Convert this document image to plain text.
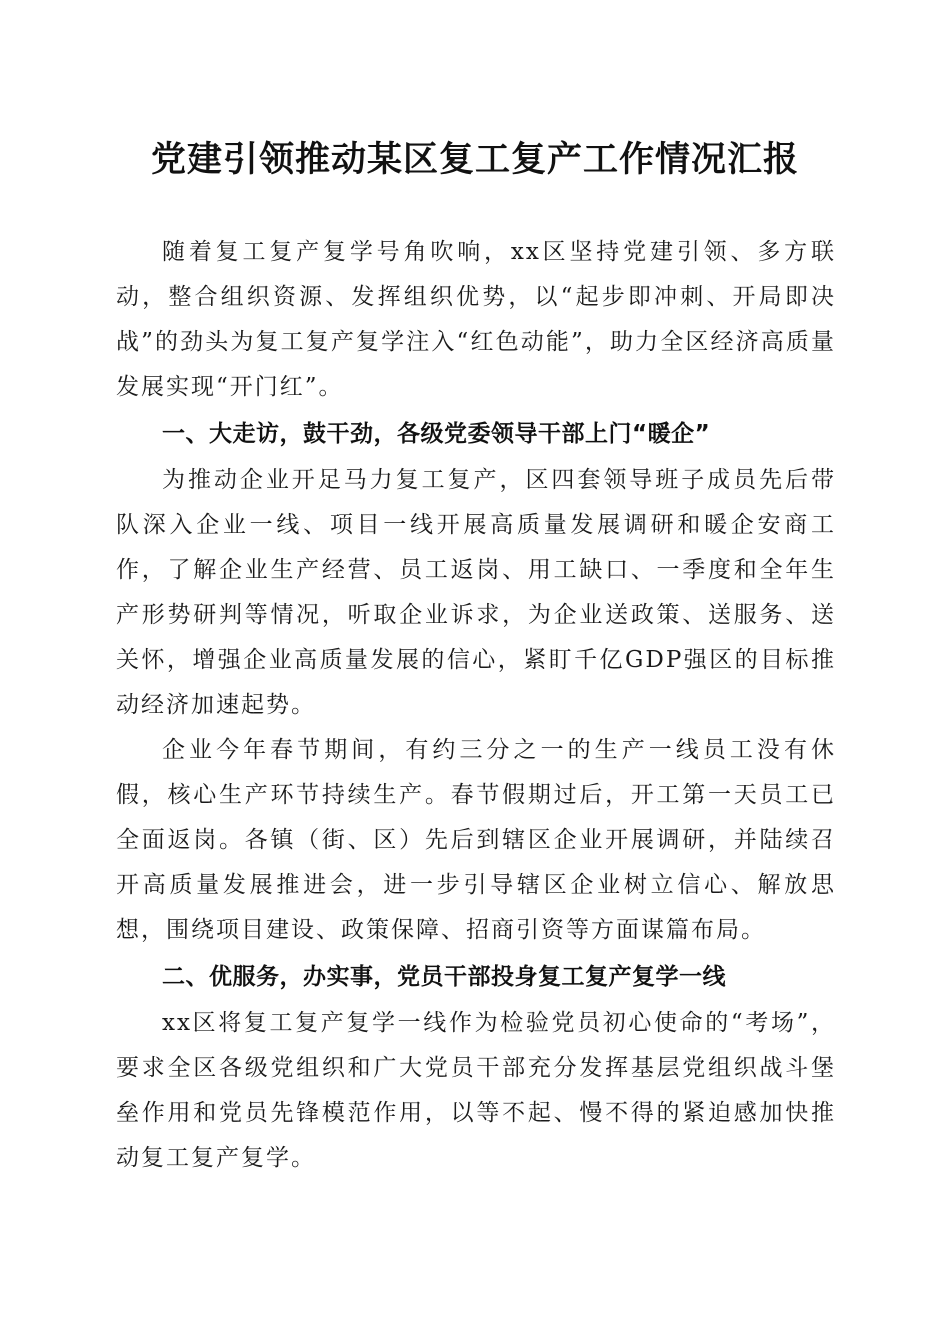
党建引领推动某区复工复产工作情况汇报

随着复工复产复学号角吹响，xx区坚持党建引领、多方联动，整合组织资源、发挥组织优势，以“起步即冲刺、开局即决战”的劲头为复工复产复学注入“红色动能”，助力全区经济高质量发展实现“开门红”。

一、大走访，鼓干劲，各级党委领导干部上门“暖企”

为推动企业开足马力复工复产，区四套领导班子成员先后带队深入企业一线、项目一线开展高质量发展调研和暖企安商工作，了解企业生产经营、员工返岗、用工缺口、一季度和全年生产形势研判等情况，听取企业诉求，为企业送政策、送服务、送关怀，增强企业高质量发展的信心，紧盯千亿GDP强区的目标推动经济加速起势。

企业今年春节期间，有约三分之一的生产一线员工没有休假，核心生产环节持续生产。春节假期过后，开工第一天员工已全面返岗。各镇（街、区）先后到辖区企业开展调研，并陆续召开高质量发展推进会，进一步引导辖区企业树立信心、解放思想，围绕项目建设、政策保障、招商引资等方面谋篇布局。

二、优服务，办实事，党员干部投身复工复产复学一线

xx区将复工复产复学一线作为检验党员初心使命的“考场”，要求全区各级党组织和广大党员干部充分发挥基层党组织战斗堡垒作用和党员先锋模范作用，以等不起、慢不得的紧迫感加快推动复工复产复学。
